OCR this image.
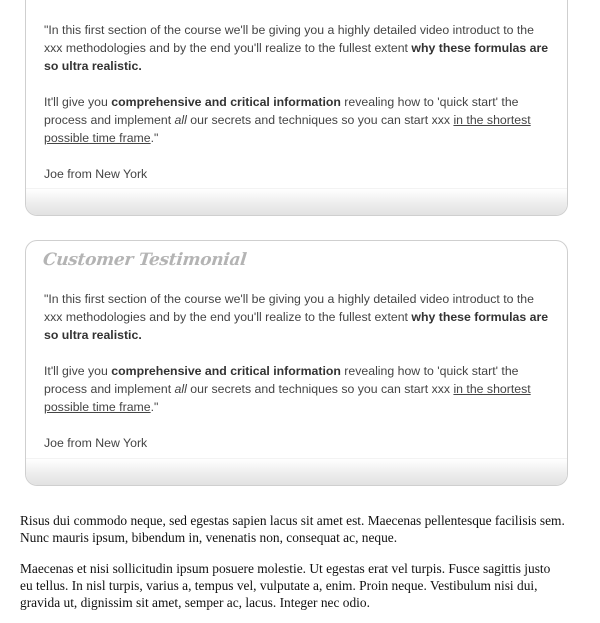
"In this first section of the course we'll be giving you a highly detailed video introduct to the xxx methodologies and by the end you'll realize to the fullest extent why these formulas are so ultra realistic.

It'll give you comprehensive and critical information revealing how to 'quick start' the process and implement all our secrets and techniques so you can start xxx in the shortest possible time frame."

Joe from New York

Customer Testimonial

"In this first section of the course we'll be giving you a highly detailed video introduct to the xxx methodologies and by the end you'll realize to the fullest extent why these formulas are so ultra realistic.

It'll give you comprehensive and critical information revealing how to 'quick start' the process and implement all our secrets and techniques so you can start xxx in the shortest possible time frame."

Joe from New York

Risus dui commodo neque, sed egestas sapien lacus sit amet est. Maecenas pellentesque facilisis sem. Nunc mauris ipsum, bibendum in, venenatis non, consequat ac, neque.

Maecenas et nisi sollicitudin ipsum posuere molestie. Ut egestas erat vel turpis. Fusce sagittis justo eu tellus. In nisl turpis, varius a, tempus vel, vulputate a, enim. Proin neque. Vestibulum nisi dui, gravida ut, dignissim sit amet, semper ac, lacus. Integer nec odio.
